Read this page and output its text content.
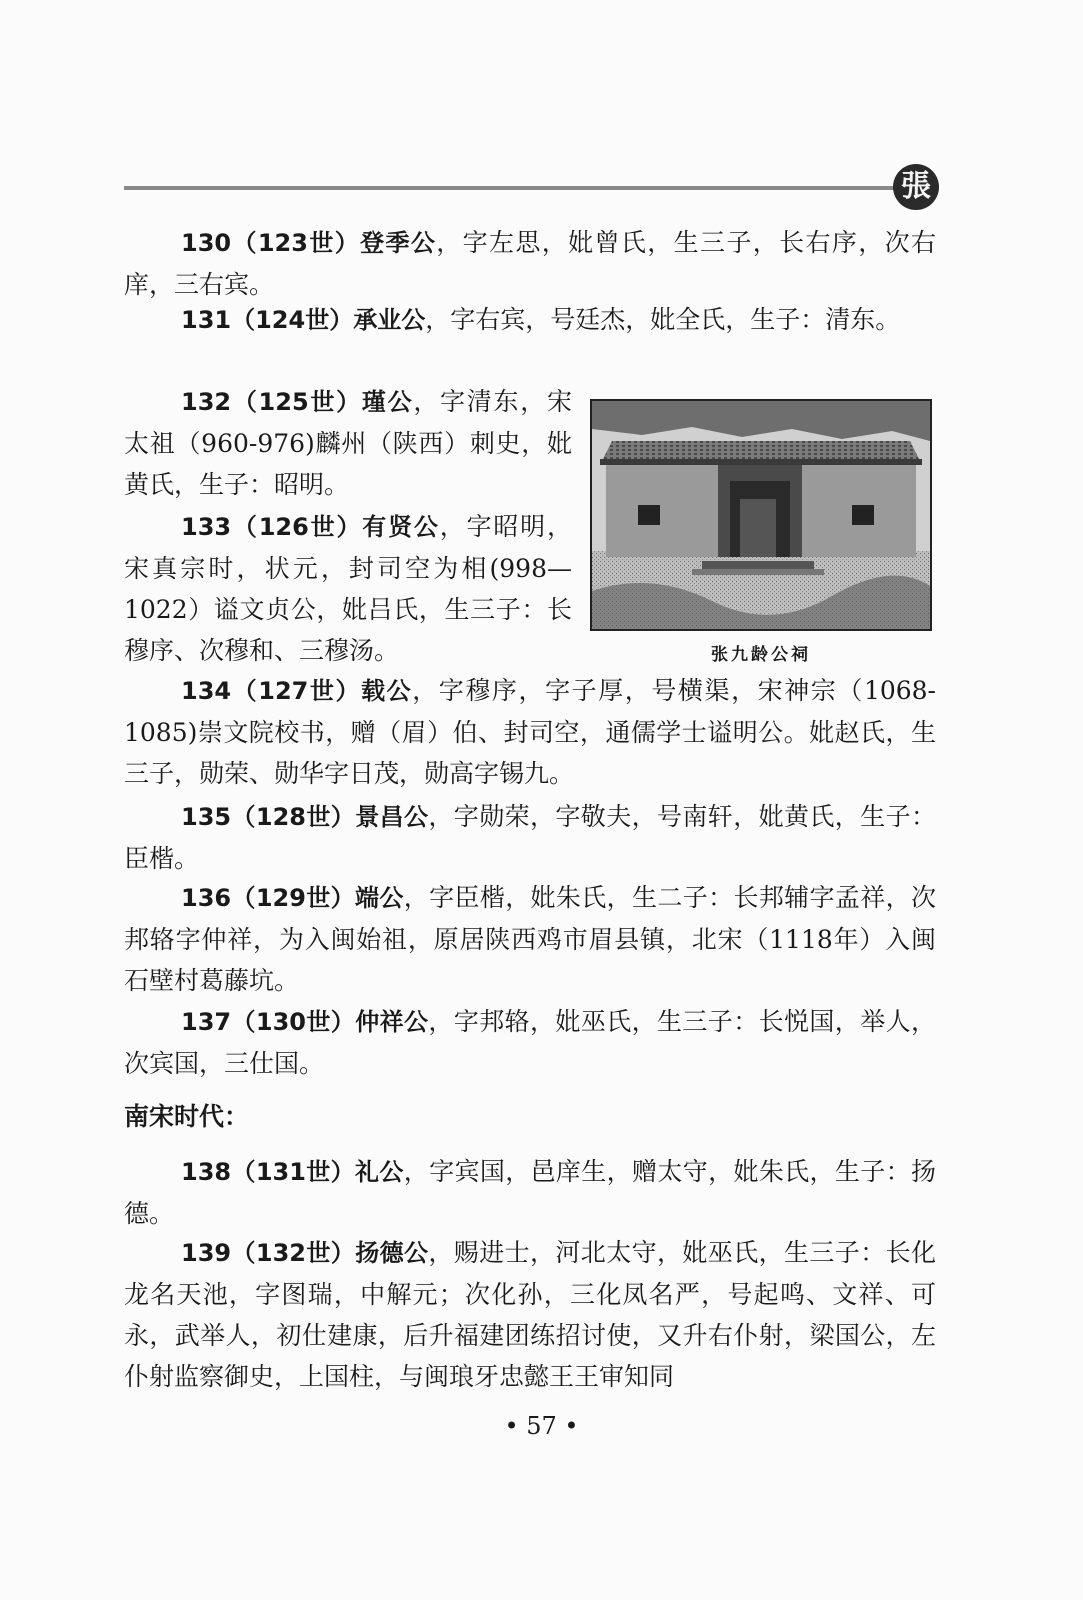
張

130（123世）登季公，字左思，妣曾氏，生三子，长右序，次右庠，三右宾。

131（124世）承业公，字右宾，号廷杰，妣全氏，生子：清东。

132（125世）瑾公，字清东，宋太祖（960-976)麟州（陕西）刺史，妣黄氏，生子：昭明。

133（126世）有贤公，字昭明，宋真宗时，状元，封司空为相(998—1022）谥文贞公，妣吕氏，生三子：长穆序、次穆和、三穆汤。	张九龄公祠

134（127世）载公，字穆序，字子厚，号横渠，宋神宗（1068-1085)崇文院校书，赠（眉）伯、封司空，通儒学士谥明公。妣赵氏，生三子，勋荣、勋华字日茂，勋高字锡九。

135（128世）景昌公，字勋荣，字敬夫，号南轩，妣黄氏，生子：臣楷。

136（129世）端公，字臣楷，妣朱氏，生二子：长邦辅字孟祥，次邦辂字仲祥，为入闽始祖，原居陕西鸡市眉县镇，北宋（1118年）入闽石壁村葛藤坑。

137（130世）仲祥公，字邦辂，妣巫氏，生三子：长悦国，举人，次宾国，三仕国。

南宋时代：

138（131世）礼公，字宾国，邑庠生，赠太守，妣朱氏，生子：扬德。

139（132世）扬德公，赐进士，河北太守，妣巫氏，生三子：长化龙名天池，字图瑞，中解元；次化孙，三化凤名严，号起鸣、文祥、可永，武举人，初仕建康，后升福建团练招讨使，又升右仆射，梁国公，左仆射监察御史，上国柱，与闽琅牙忠懿王王审知同

• 57 •
